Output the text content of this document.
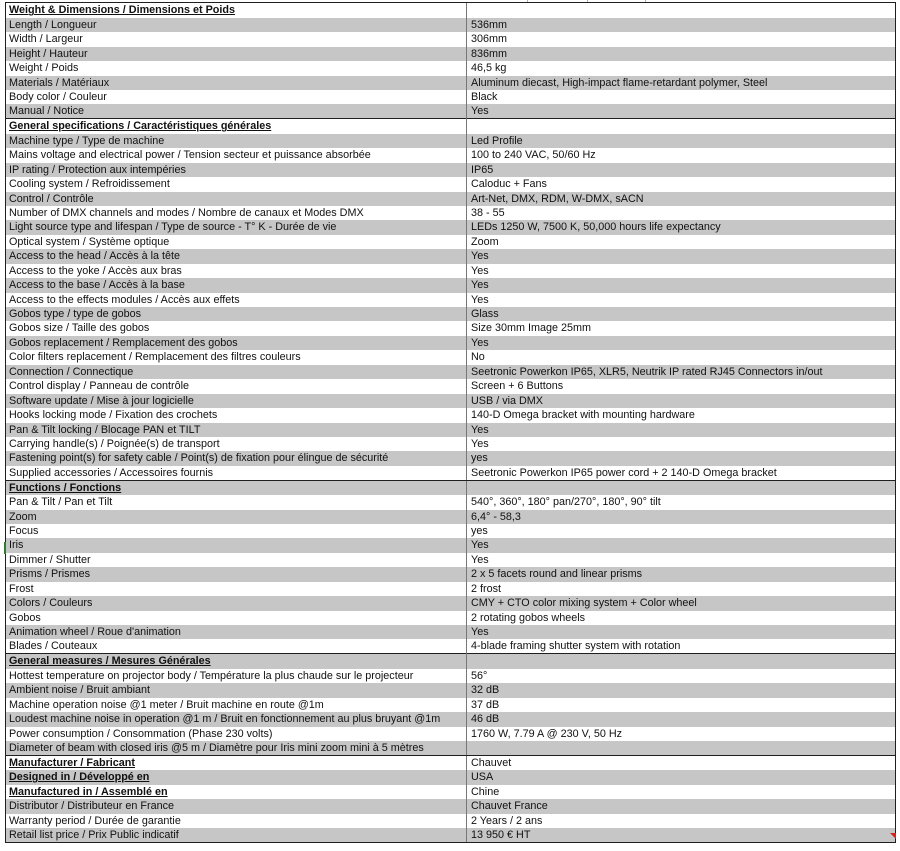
Weight & Dimensions / Dimensions et Poids
Length / Longueur	536mm
Width / Largeur	306mm
Height / Hauteur	836mm
Weight / Poids	46,5 kg
Materials / Matériaux	Aluminum diecast, High-impact flame-retardant polymer, Steel
Body color / Couleur	Black
Manual / Notice	Yes
General specifications / Caractéristiques générales
Machine type / Type de machine	Led Profile
Mains voltage and electrical power / Tension secteur et puissance absorbée	100 to 240 VAC, 50/60 Hz
IP rating / Protection aux intempéries	IP65
Cooling system / Refroidissement	Caloduc + Fans
Control / Contrôle	Art-Net, DMX, RDM, W-DMX, sACN
Number of DMX channels and modes / Nombre de canaux et Modes DMX	38 - 55
Light source type and lifespan / Type de source - T° K - Durée de vie	LEDs 1250 W, 7500 K, 50,000 hours life expectancy
Optical system / Système optique	Zoom
Access to the head / Accès à la tête	Yes
Access to the yoke / Accès aux bras	Yes
Access to the base / Accès à la base	Yes
Access to the effects modules / Accès aux effets	Yes
Gobos type / type de gobos	Glass
Gobos size / Taille des gobos	Size 30mm Image 25mm
Gobos replacement / Remplacement des gobos	Yes
Color filters replacement / Remplacement des filtres couleurs	No
Connection / Connectique	Seetronic Powerkon IP65, XLR5, Neutrik IP rated RJ45 Connectors in/out
Control display / Panneau de contrôle	Screen + 6 Buttons
Software update / Mise à jour logicielle	USB / via DMX
Hooks locking mode / Fixation des crochets	140-D Omega bracket with mounting hardware
Pan & Tilt locking / Blocage PAN et TILT	Yes
Carrying handle(s) / Poignée(s) de transport	Yes
Fastening point(s) for safety cable / Point(s) de fixation pour élingue de sécurité	yes
Supplied accessories / Accessoires fournis	Seetronic Powerkon IP65 power cord + 2 140-D Omega bracket
Functions / Fonctions
Pan & Tilt / Pan et Tilt	540°, 360°, 180° pan/270°, 180°, 90° tilt
Zoom	6,4° - 58,3
Focus	yes
Iris	Yes
Dimmer / Shutter	Yes
Prisms / Prismes	2 x 5 facets round and linear prisms
Frost	2 frost
Colors / Couleurs	CMY + CTO color mixing system + Color wheel
Gobos	2 rotating gobos wheels
Animation wheel / Roue d'animation	Yes
Blades / Couteaux	4-blade framing shutter system with rotation
General measures / Mesures Générales
Hottest temperature on projector body / Température la plus chaude sur le projecteur	56°
Ambient noise / Bruit ambiant	32 dB
Machine operation noise @1 meter / Bruit machine en route @1m	37 dB
Loudest machine noise in operation @1 m / Bruit en fonctionnement au plus bruyant @1m	46 dB
Power consumption / Consommation (Phase 230 volts)	1760 W, 7.79 A @ 230 V, 50 Hz
Diameter of beam with closed iris @5 m / Diamètre pour Iris mini zoom mini à 5 mètres
Manufacturer / Fabricant	Chauvet
Designed in / Développé en	USA
Manufactured in / Assemblé en	Chine
Distributor / Distributeur en France	Chauvet France
Warranty period / Durée de garantie	2 Years / 2 ans
Retail list price / Prix Public indicatif	13 950 € HT
